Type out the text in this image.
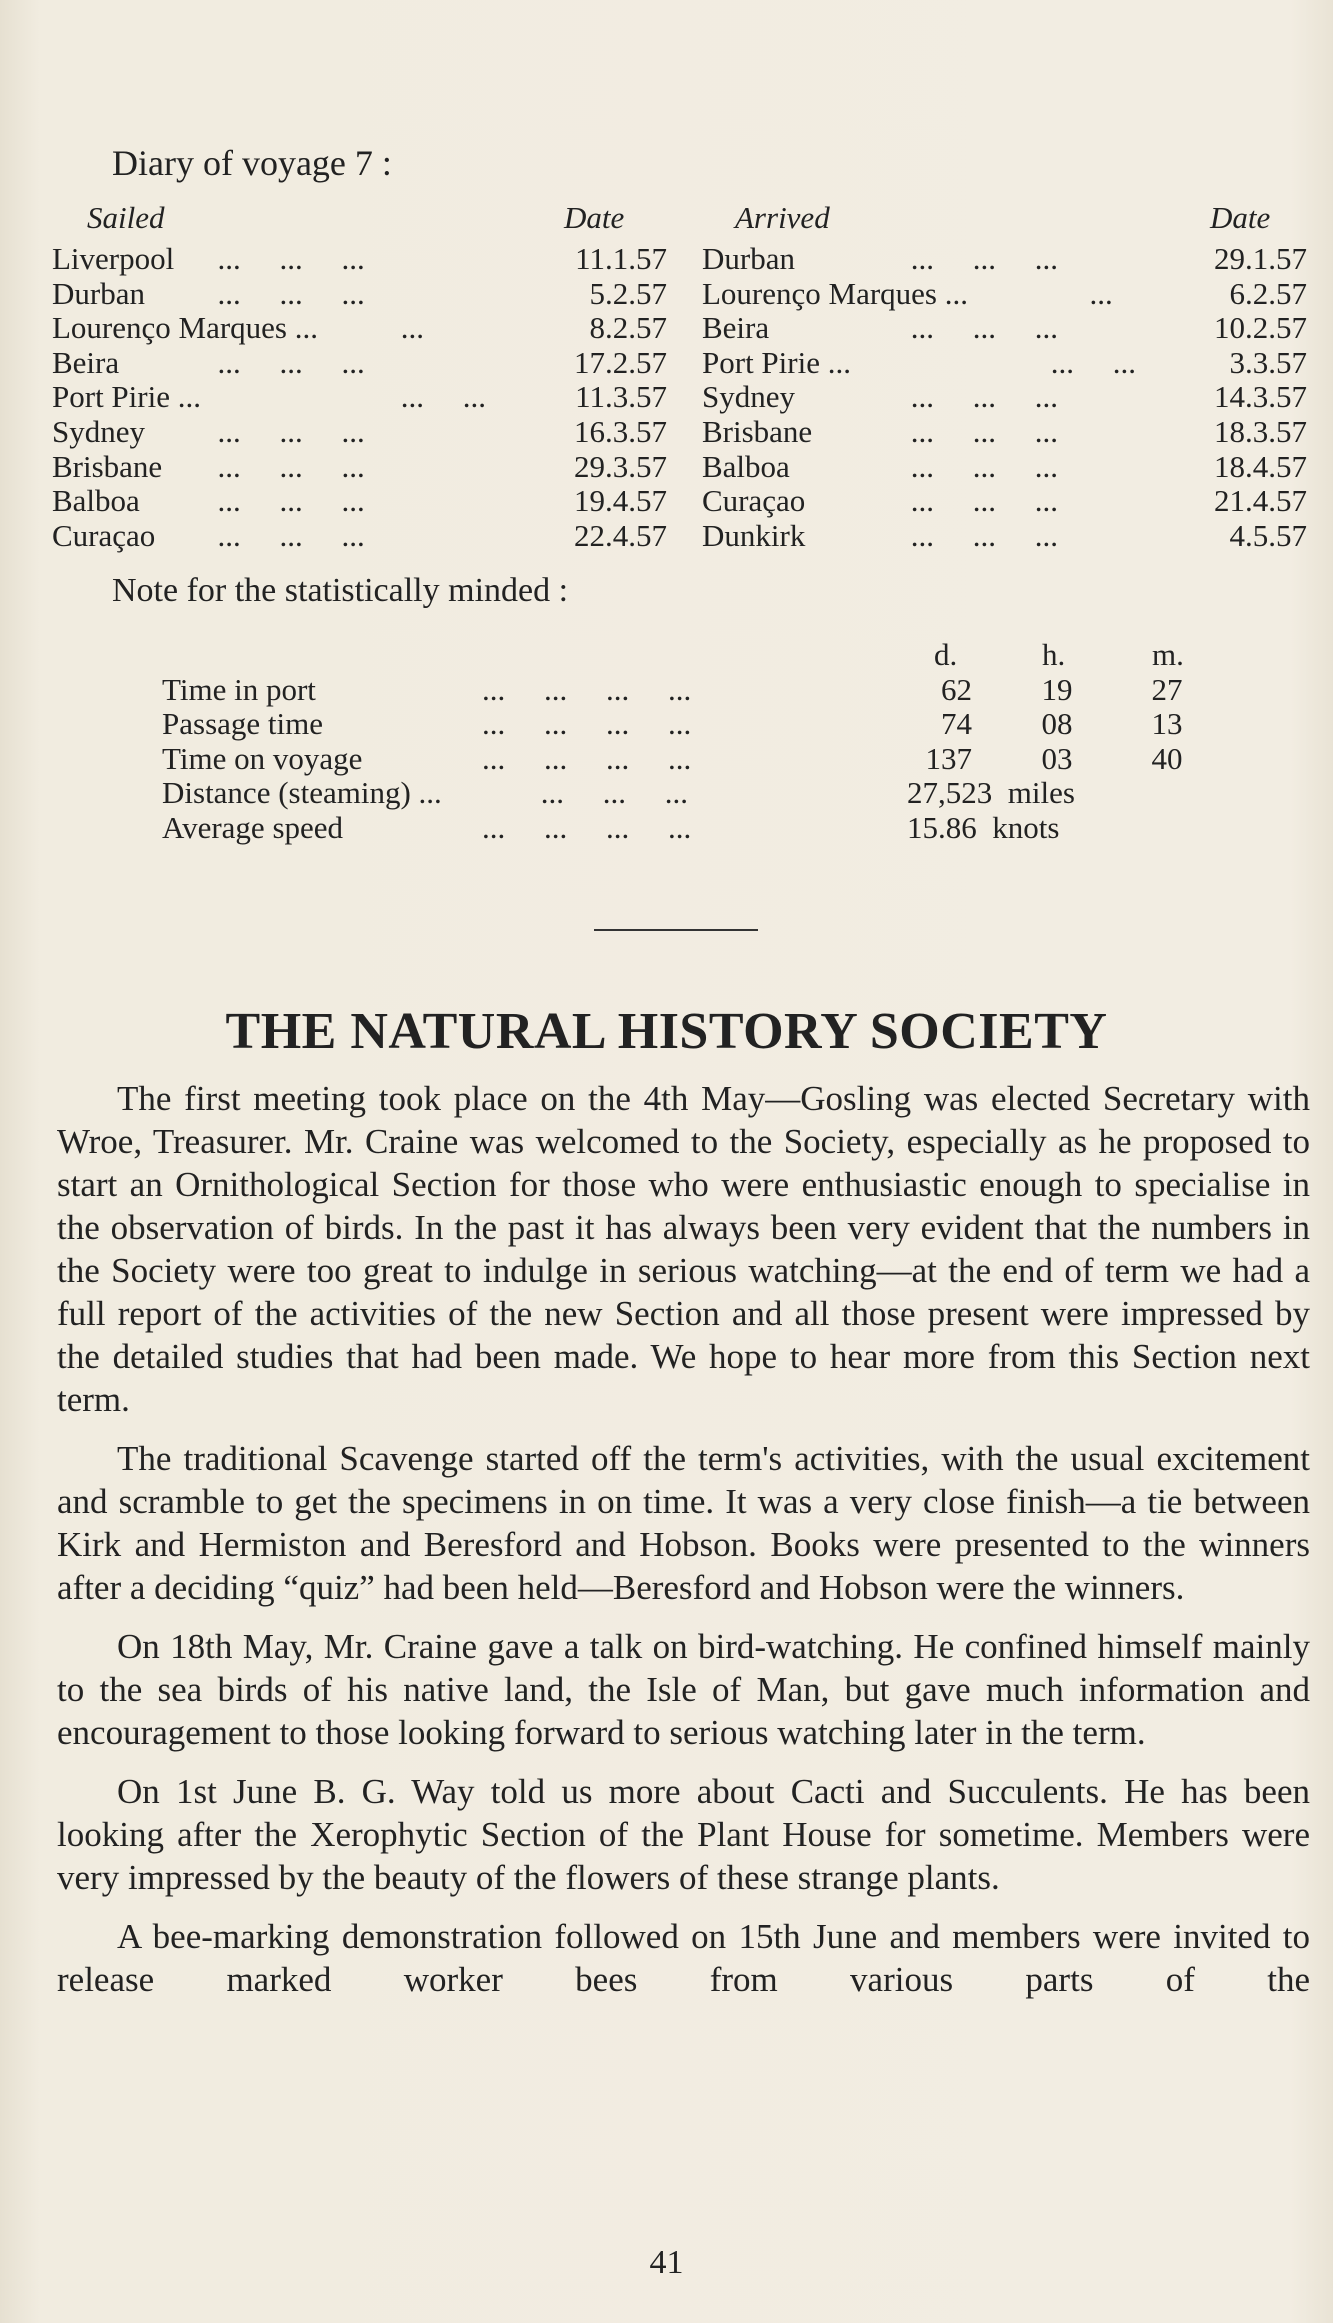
Diary of voyage 7 :
Sailed	Date	Arrived	Date
Liverpool ...     ...     ...	11.1.57 Durban ...     ...     ...	29.1.57
Durban ...     ...     ...	5.2.57 Lourenço Marques ... ...	6.2.57
Lourenço Marques ... ...	8.2.57 Beira	...     ...     ...	10.2.57
Beira	...     ...     ...	17.2.57 Port Pirie ...	...     ...	3.3.57
Port Pirie ...	...     ...	11.3.57 Sydney ...     ...     ...	14.3.57
Sydney ...     ...     ...	16.3.57 Brisbane ...     ...     ...	18.3.57
Brisbane ...     ...     ...	29.3.57 Balboa	...     ...     ...	18.4.57
Balboa ...     ...     ...	19.4.57 Curaçao ...     ...     ...	21.4.57
Curaçao ...     ...     ...	22.4.57 Dunkirk ...     ...     ...	4.5.57
Note for the statistically minded :
d.	h.	m.
Time in port	...     ...     ...     ...	62	19	27
Passage time	...     ...     ...     ...	74	08	13
Time on voyage	...     ...     ...     ...	137	03	40
Distance (steaming) ... ...     ...     ...	27,523  miles
Average speed	...     ...     ...     ...	15.86  knots
THE NATURAL HISTORY SOCIETY

The first meeting took place on the 4th May—Gosling was elected Secretary with Wroe, Treasurer. Mr. Craine was welcomed to the Society, especially as he proposed to start an Ornithological Section for those who were enthusiastic enough to specialise in the observation of birds. In the past it has always been very evident that the numbers in the Society were too great to indulge in serious watching—at the end of term we had a full report of the activities of the new Section and all those present were impressed by the detailed studies that had been made. We hope to hear more from this Section next term.

The traditional Scavenge started off the term's activities, with the usual excitement and scramble to get the specimens in on time. It was a very close finish—a tie between Kirk and Hermiston and Beresford and Hobson. Books were presented to the winners after a deciding “quiz” had been held—Beresford and Hobson were the winners.

On 18th May, Mr. Craine gave a talk on bird-watching. He confined himself mainly to the sea birds of his native land, the Isle of Man, but gave much information and encouragement to those looking forward to serious watching later in the term.

On 1st June B. G. Way told us more about Cacti and Succulents. He has been looking after the Xerophytic Section of the Plant House for sometime. Members were very impressed by the beauty of the flowers of these strange plants.

A bee-marking demonstration followed on 15th June and members were invited to release marked worker bees from various parts of the

41
